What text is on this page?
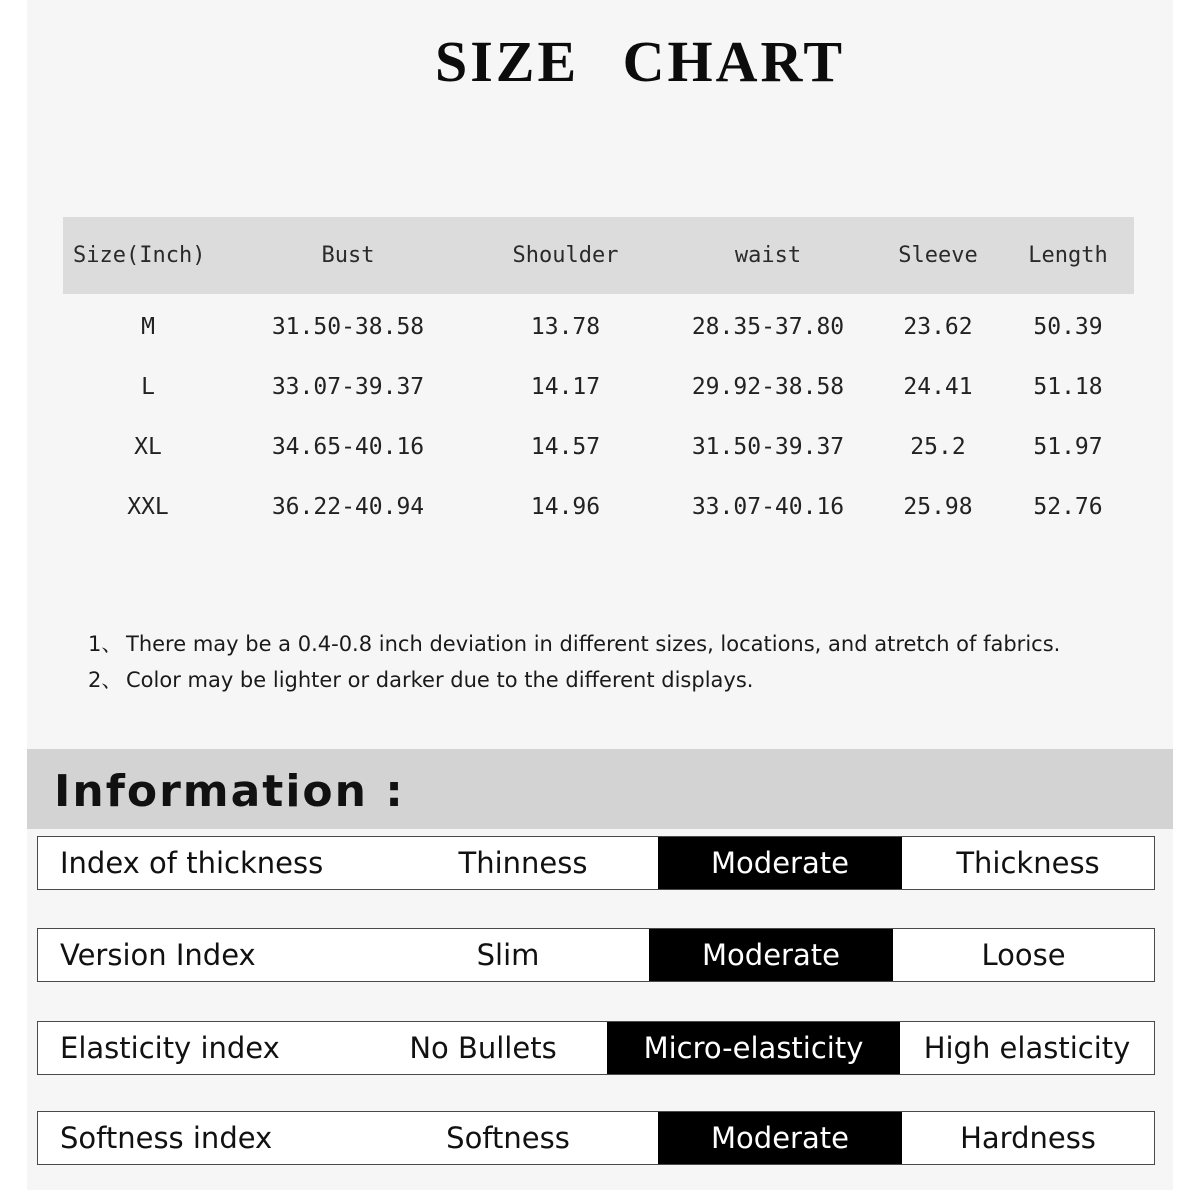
SIZE CHART
Size(Inch)	Bust	Shoulder	waist	Sleeve	Length
M	31.50-38.58	13.78	28.35-37.80	23.62	50.39
L	33.07-39.37	14.17	29.92-38.58	24.41	51.18
XL	34.65-40.16	14.57	31.50-39.37	25.2	51.97
XXL	36.22-40.94	14.96	33.07-40.16	25.98	52.76
1、 There may be a 0.4-0.8 inch deviation in different sizes, locations, and atretch of fabrics.
2、 Color may be lighter or darker due to the different displays.
Information :
Index of thickness	Thinness	Moderate	Thickness
Version Index	Slim	Moderate	Loose
Elasticity index	No Bullets	Micro-elasticity	High elasticity
Softness index	Softness	Moderate	Hardness
